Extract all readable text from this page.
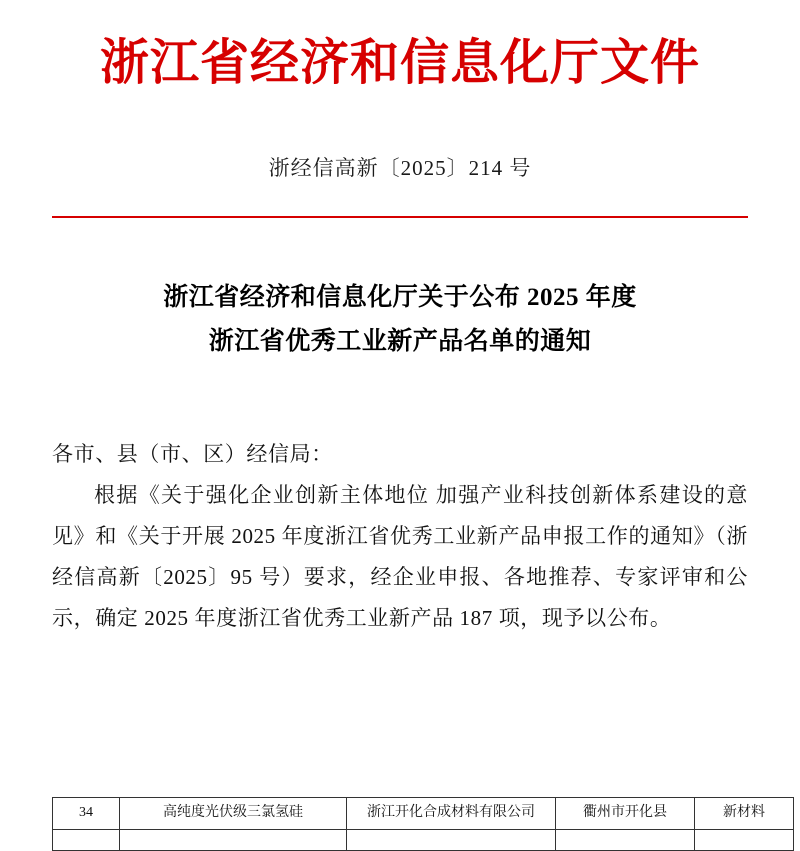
浙江省经济和信息化厅文件
浙经信高新〔2025〕214 号
浙江省经济和信息化厅关于公布 2025 年度
浙江省优秀工业新产品名单的通知

各市、县（市、区）经信局：

根据《关于强化企业创新主体地位 加强产业科技创新体系建设的意见》和《关于开展 2025 年度浙江省优秀工业新产品申报工作的通知》（浙经信高新〔2025〕95 号）要求，经企业申报、各地推荐、专家评审和公示，确定 2025 年度浙江省优秀工业新产品 187 项，现予以公布。

34	高纯度光伏级三氯氢硅	浙江开化合成材料有限公司	衢州市开化县	新材料
